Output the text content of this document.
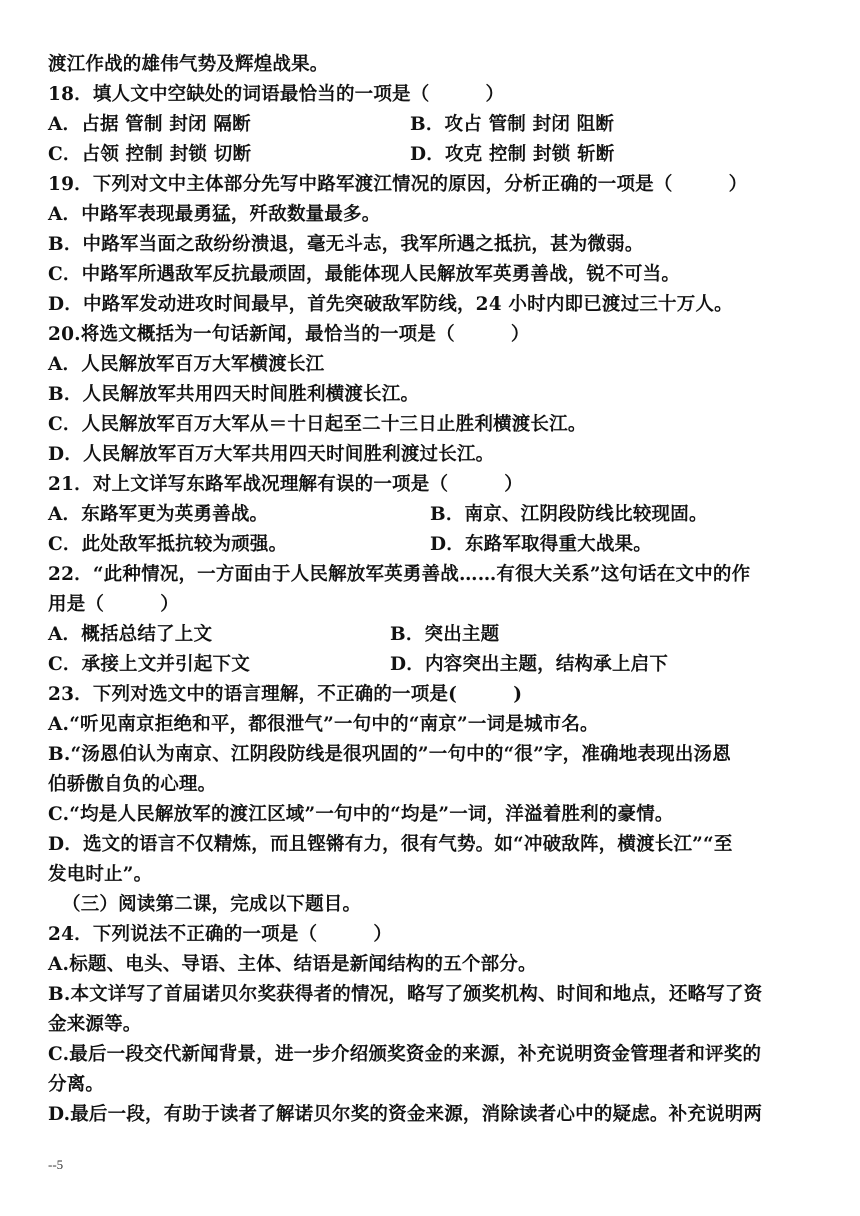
渡江作战的雄伟气势及辉煌战果。
18．填人文中空缺处的词语最恰当的一项是（　　　）
A．占据 管制 封闭 隔断	B．攻占 管制 封闭 阻断
C．占领 控制 封锁 切断	D．攻克 控制 封锁 斩断
19．下列对文中主体部分先写中路军渡江情况的原因，分析正确的一项是（　　　）
A．中路军表现最勇猛，歼敌数量最多。
B．中路军当面之敌纷纷溃退，毫无斗志，我军所遇之抵抗，甚为微弱。
C．中路军所遇敌军反抗最顽固，最能体现人民解放军英勇善战，锐不可当。
D．中路军发动进攻时间最早，首先突破敌军防线，24 小时内即已渡过三十万人。
20.将选文概括为一句话新闻，最恰当的一项是（　　　）
A．人民解放军百万大军横渡长江
B．人民解放军共用四天时间胜利横渡长江。
C．人民解放军百万大军从＝十日起至二十三日止胜利横渡长江。
D．人民解放军百万大军共用四天时间胜利渡过长江。
21．对上文详写东路军战况理解有误的一项是（　　　）
A．东路军更为英勇善战。	B．南京、江阴段防线比较现固。
C．此处敌军抵抗较为顽强。	D．东路军取得重大战果。
22．“此种情况，一方面由于人民解放军英勇善战……有很大关系”这句话在文中的作
用是（　　　）
A．概括总结了上文	B．突出主题
C．承接上文并引起下文	D．内容突出主题，结构承上启下
23．下列对选文中的语言理解，不正确的一项是(　　　)
A.“听见南京拒绝和平，都很泄气”一句中的“南京”一词是城市名。
B.“汤恩伯认为南京、江阴段防线是很巩固的”一句中的“很”字，准确地表现出汤恩
伯骄傲自负的心理。
C.“均是人民解放军的渡江区域”一句中的“均是”一词，洋溢着胜利的豪情。
D．选文的语言不仅精炼，而且铿锵有力，很有气势。如“冲破敌阵，横渡长江”“至
发电时止”。
（三）阅读第二课，完成以下题目。
24．下列说法不正确的一项是（　　　）
A.标题、电头、导语、主体、结语是新闻结构的五个部分。
B.本文详写了首届诺贝尔奖获得者的情况，略写了颁奖机构、时间和地点，还略写了资
金来源等。
C.最后一段交代新闻背景，进一步介绍颁奖资金的来源，补充说明资金管理者和评奖的
分离。
D.最后一段，有助于读者了解诺贝尔奖的资金来源，消除读者心中的疑虑。补充说明两
--5
